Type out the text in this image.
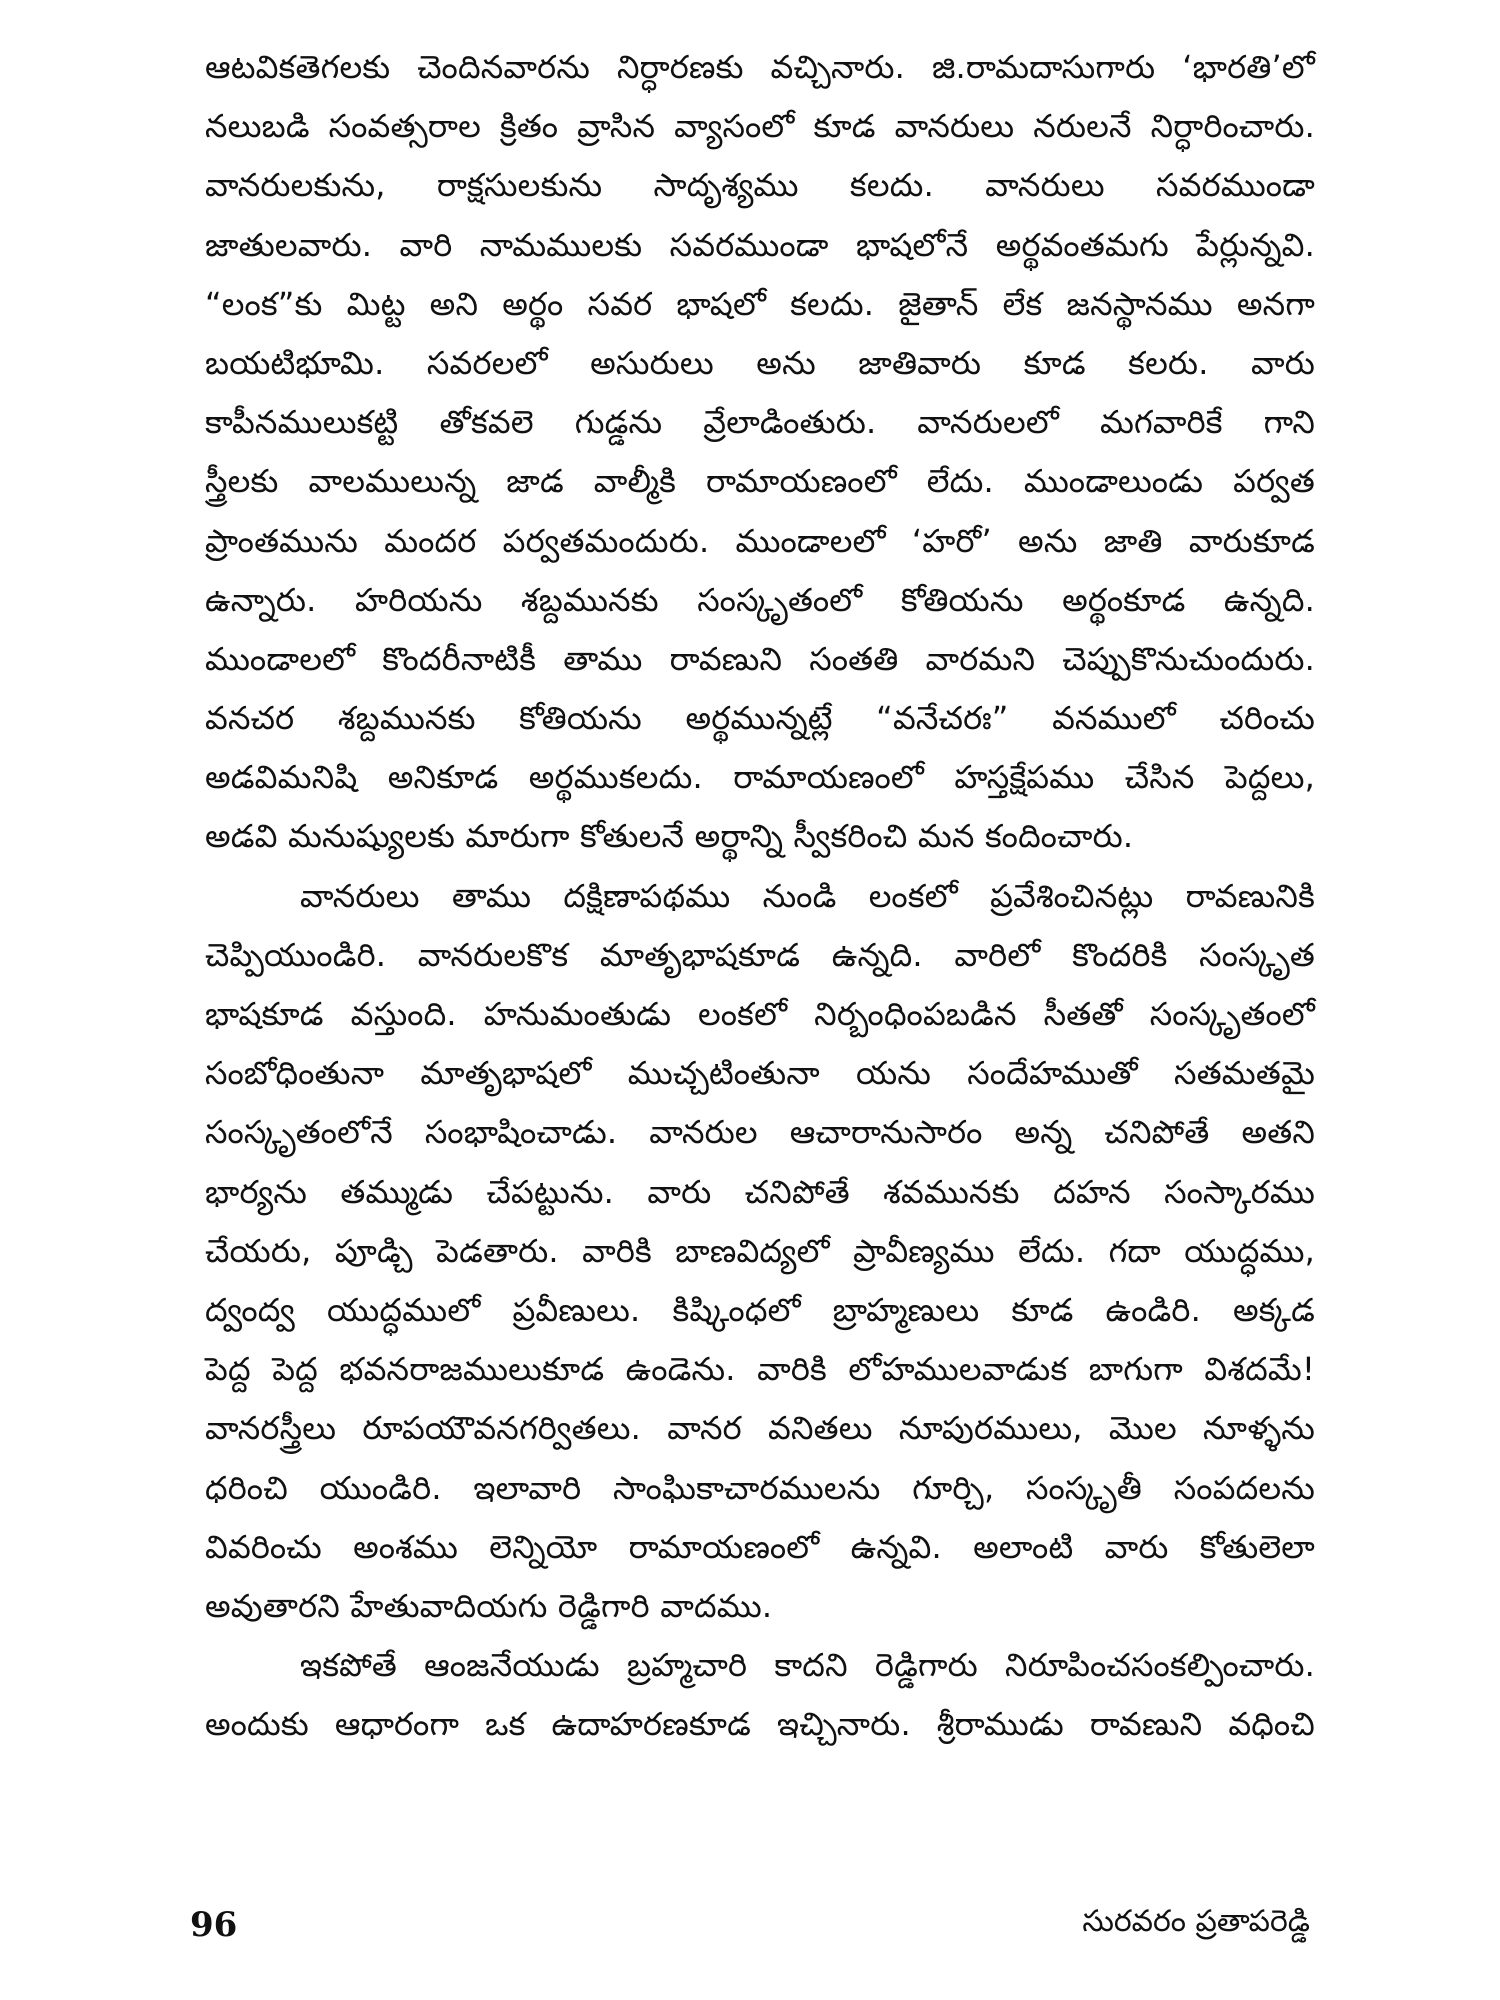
ఆటవికతెగలకు చెందినవారను నిర్ధారణకు వచ్చినారు. జి.రామదాసుగారు ‘భారతి’లో
నలుబడి సంవత్సరాల క్రితం వ్రాసిన వ్యాసంలో కూడ వానరులు నరులనే నిర్ధారించారు.
వానరులకును, రాక్షసులకును సాదృశ్యము కలదు. వానరులు సవరముండా
జాతులవారు. వారి నామములకు సవరముండా భాషలోనే అర్థవంతమగు పేర్లున్నవి.
“లంక”కు మిట్ట అని అర్థం సవర భాషలో కలదు. జైతాన్ లేక జనస్థానము అనగా
బయటిభూమి. సవరలలో అసురులు అను జాతివారు కూడ కలరు. వారు
కాపీనములుకట్టి తోకవలె గుడ్డను వ్రేలాడింతురు. వానరులలో మగవారికే గాని
స్త్రీలకు వాలములున్న జాడ వాల్మీకి రామాయణంలో లేదు. ముండాలుండు పర్వత
ప్రాంతమును మందర పర్వతమందురు. ముండాలలో ‘హరో’ అను జాతి వారుకూడ
ఉన్నారు. హరియను శబ్దమునకు సంస్కృతంలో కోతియను అర్థంకూడ ఉన్నది.
ముండాలలో కొందరీనాటికీ తాము రావణుని సంతతి వారమని చెప్పుకొనుచుందురు.
వనచర శబ్దమునకు కోతియను అర్థమున్నట్లే “వనేచరః” వనములో చరించు
అడవిమనిషి అనికూడ అర్థముకలదు. రామాయణంలో హస్తక్షేపము చేసిన పెద్దలు,
అడవి మనుష్యులకు మారుగా కోతులనే అర్థాన్ని స్వీకరించి మన కందించారు.
వానరులు తాము దక్షిణాపథము నుండి లంకలో ప్రవేశించినట్లు రావణునికి
చెప్పియుండిరి. వానరులకొక మాతృభాషకూడ ఉన్నది. వారిలో కొందరికి సంస్కృత
భాషకూడ వస్తుంది. హనుమంతుడు లంకలో నిర్బంధింపబడిన సీతతో సంస్కృతంలో
సంబోధింతునా మాతృభాషలో ముచ్చటింతునా యను సందేహముతో సతమతమై
సంస్కృతంలోనే సంభాషించాడు. వానరుల ఆచారానుసారం అన్న చనిపోతే అతని
భార్యను తమ్ముడు చేపట్టును. వారు చనిపోతే శవమునకు దహన సంస్కారము
చేయరు, పూడ్చి పెడతారు. వారికి బాణవిద్యలో ప్రావీణ్యము లేదు. గదా యుద్ధము,
ద్వంద్వ యుద్ధములో ప్రవీణులు. కిష్కింధలో బ్రాహ్మణులు కూడ ఉండిరి. అక్కడ
పెద్ద పెద్ద భవనరాజములుకూడ ఉండెను. వారికి లోహములవాడుక బాగుగా విశదమే!
వానరస్త్రీలు రూపయౌవనగర్వితలు. వానర వనితలు నూపురములు, మొల నూళ్ళను
ధరించి యుండిరి. ఇలావారి సాంఘికాచారములను గూర్చి, సంస్కృతీ సంపదలను
వివరించు అంశము లెన్నియో రామాయణంలో ఉన్నవి. అలాంటి వారు కోతులెలా
అవుతారని హేతువాదియగు రెడ్డిగారి వాదము.
ఇకపోతే ఆంజనేయుడు బ్రహ్మచారి కాదని రెడ్డిగారు నిరూపించసంకల్పించారు.
అందుకు ఆధారంగా ఒక ఉదాహరణకూడ ఇచ్చినారు. శ్రీరాముడు రావణుని వధించి
96	సురవరం ప్రతాపరెడ్డి
